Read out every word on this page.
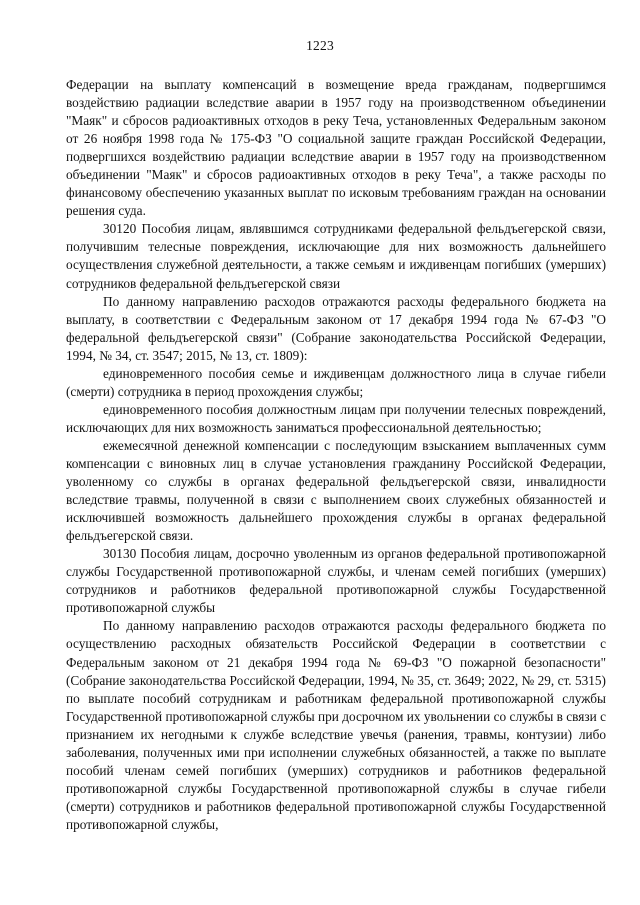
1223

Федерации на выплату компенсаций в возмещение вреда гражданам, подвергшимся воздействию радиации вследствие аварии в 1957 году на производственном объединении "Маяк" и сбросов радиоактивных отходов в реку Теча, установленных Федеральным законом от 26 ноября 1998 года № 175-ФЗ "О социальной защите граждан Российской Федерации, подвергшихся воздействию радиации вследствие аварии в 1957 году на производственном объединении "Маяк" и сбросов радиоактивных отходов в реку Теча", а также расходы по финансовому обеспечению указанных выплат по исковым требованиям граждан на основании решения суда.

30120 Пособия лицам, являвшимся сотрудниками федеральной фельдъегерской связи, получившим телесные повреждения, исключающие для них возможность дальнейшего осуществления служебной деятельности, а также семьям и иждивенцам погибших (умерших) сотрудников федеральной фельдъегерской связи

По данному направлению расходов отражаются расходы федерального бюджета на выплату, в соответствии с Федеральным законом от 17 декабря 1994 года № 67-ФЗ "О федеральной фельдъегерской связи" (Собрание законодательства Российской Федерации, 1994, № 34, ст. 3547; 2015, № 13, ст. 1809):

единовременного пособия семье и иждивенцам должностного лица в случае гибели (смерти) сотрудника в период прохождения службы;

единовременного пособия должностным лицам при получении телесных повреждений, исключающих для них возможность заниматься профессиональной деятельностью;

ежемесячной денежной компенсации с последующим взысканием выплаченных сумм компенсации с виновных лиц в случае установления гражданину Российской Федерации, уволенному со службы в органах федеральной фельдъегерской связи, инвалидности вследствие травмы, полученной в связи с выполнением своих служебных обязанностей и исключившей возможность дальнейшего прохождения службы в органах федеральной фельдъегерской связи.

30130 Пособия лицам, досрочно уволенным из органов федеральной противопожарной службы Государственной противопожарной службы, и членам семей погибших (умерших) сотрудников и работников федеральной противопожарной службы Государственной противопожарной службы

По данному направлению расходов отражаются расходы федерального бюджета по осуществлению расходных обязательств Российской Федерации в соответствии с Федеральным законом от 21 декабря 1994 года № 69-ФЗ "О пожарной безопасности" (Собрание законодательства Российской Федерации, 1994, № 35, ст. 3649; 2022, № 29, ст. 5315) по выплате пособий сотрудникам и работникам федеральной противопожарной службы Государственной противопожарной службы при досрочном их увольнении со службы в связи с признанием их негодными к службе вследствие увечья (ранения, травмы, контузии) либо заболевания, полученных ими при исполнении служебных обязанностей, а также по выплате пособий членам семей погибших (умерших) сотрудников и работников федеральной противопожарной службы Государственной противопожарной службы в случае гибели (смерти) сотрудников и работников федеральной противопожарной службы Государственной противопожарной службы,
